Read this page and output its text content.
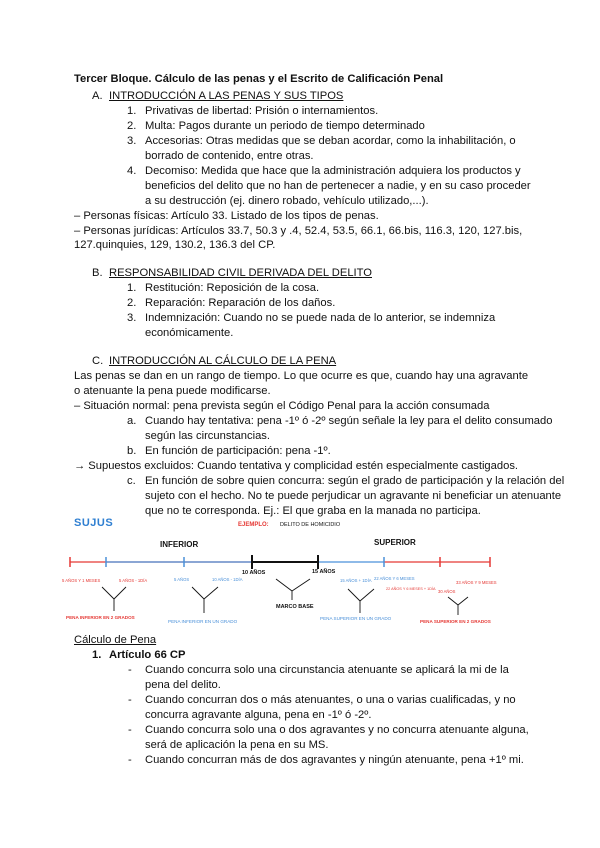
Tercer Bloque. Cálculo de las penas y el Escrito de Calificación Penal
A. INTRODUCCIÓN A LAS PENAS Y SUS TIPOS
1. Privativas de libertad: Prisión o internamientos.
2. Multa: Pagos durante un periodo de tiempo determinado
3. Accesorias: Otras medidas que se deban acordar, como la inhabilitación, o
borrado de contenido, entre otras.
4. Decomiso: Medida que hace que la administración adquiera los productos y
beneficios del delito que no han de pertenecer a nadie, y en su caso proceder
a su destrucción (ej. dinero robado, vehículo utilizado,...).
– Personas físicas: Artículo 33. Listado de los tipos de penas.
– Personas jurídicas: Artículos 33.7, 50.3 y .4, 52.4, 53.5, 66.1, 66.bis, 116.3, 120, 127.bis,
127.quinquies, 129, 130.2, 136.3 del CP.
B. RESPONSABILIDAD CIVIL DERIVADA DEL DELITO
1. Restitución: Reposición de la cosa.
2. Reparación: Reparación de los daños.
3. Indemnización: Cuando no se puede nada de lo anterior, se indemniza
económicamente.
C. INTRODUCCIÓN AL CÁLCULO DE LA PENA
Las penas se dan en un rango de tiempo. Lo que ocurre es que, cuando hay una agravante
o atenuante la pena puede modificarse.
– Situación normal: pena prevista según el Código Penal para la acción consumada
a. Cuando hay tentativa: pena -1º ó -2º según señale la ley para el delito consumado
según las circunstancias.
b. En función de participación: pena -1º.
→ Supuestos excluidos: Cuando tentativa y complicidad estén especialmente castigados.
c. En función de sobre quien concurra: según el grado de participación y la relación del
sujeto con el hecho. No te puede perjudicar un agravante ni beneficiar un atenuante
que no te corresponda. Ej.: El que graba en la manada no participa.
SUJUS	EJEMPLO: DELITO DE HOMICIDIO
INFERIOR	SUPERIOR
10 AÑOS	15 AÑOS
5 AÑOS Y 1 MESES	5 AÑOS - 1DÍA	5 AÑOS	10 AÑOS - 1DÍA	15 AÑOS + 1DÍA 22 AÑOS Y 6 MESES
22 AÑOS Y 6 MESES + 1DÍA 30 AÑOS
33 AÑOS Y 9 MESES
MARCO BASE
PENA INFERIOR EN 2 GRADOS
PENA INFERIOR EN UN GRADO
PENA SUPERIOR EN UN GRADO
PENA SUPERIOR EN 2 GRADOS
Cálculo de Pena
1. Artículo 66 CP
- Cuando concurra solo una circunstancia atenuante se aplicará la mi de la
pena del delito.
- Cuando concurran dos o más atenuantes, o una o varias cualificadas, y no
concurra agravante alguna, pena en -1º ó -2º.
- Cuando concurra solo una o dos agravantes y no concurra atenuante alguna,
será de aplicación la pena en su MS.
- Cuando concurran más de dos agravantes y ningún atenuante, pena +1º mi.
